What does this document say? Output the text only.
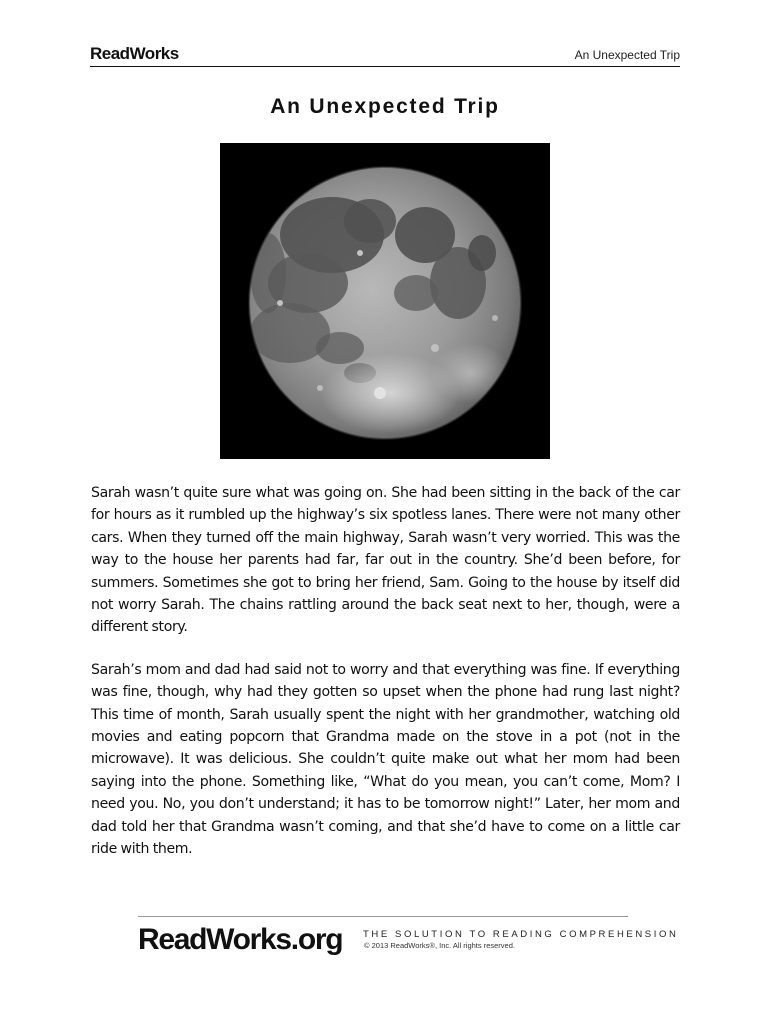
ReadWorks	An Unexpected Trip
An Unexpected Trip

Sarah wasn’t quite sure what was going on. She had been sitting in the back of the car for hours as it rumbled up the highway’s six spotless lanes. There were not many other cars. When they turned off the main highway, Sarah wasn’t very worried. This was the way to the house her parents had far, far out in the country. She’d been before, for summers. Sometimes she got to bring her friend, Sam. Going to the house by itself did not worry Sarah. The chains rattling around the back seat next to her, though, were a different story.

Sarah’s mom and dad had said not to worry and that everything was fine. If everything was fine, though, why had they gotten so upset when the phone had rung last night? This time of month, Sarah usually spent the night with her grandmother, watching old movies and eating popcorn that Grandma made on the stove in a pot (not in the microwave). It was delicious. She couldn’t quite make out what her mom had been saying into the phone. Something like, “What do you mean, you can’t come, Mom? I need you. No, you don’t understand; it has to be tomorrow night!” Later, her mom and dad told her that Grandma wasn’t coming, and that she’d have to come on a little car ride with them.

ReadWorks.org THE SOLUTION TO READING COMPREHENSION
© 2013 ReadWorks®, Inc. All rights reserved.
